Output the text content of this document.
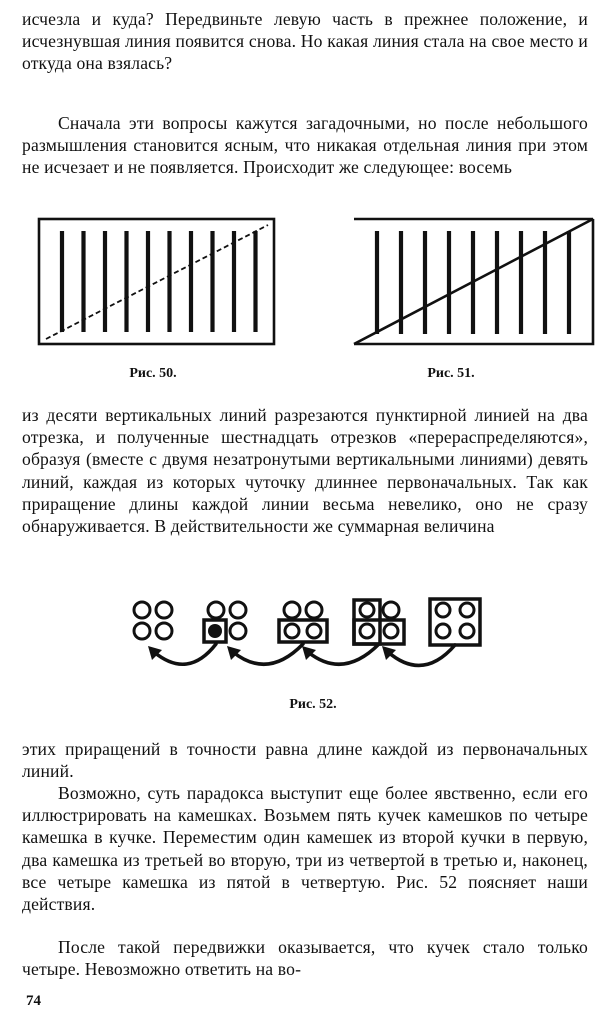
исчезла и куда? Передвиньте левую часть в прежнее положение, и исчезнувшая линия появится снова. Но какая линия стала на свое место и откуда она взялась?

Сначала эти вопросы кажутся загадочными, но после небольшого размышления становится ясным, что никакая отдельная линия при этом не исчезает и не появляется. Происходит же следующее: восемь

Рис. 50.	Рис. 51.

из десяти вертикальных линий разрезаются пунктирной линией на два отрезка, и полученные шестнадцать отрезков «перераспределяются», образуя (вместе с двумя незатронутыми вертикальными линиями) девять линий, каждая из которых чуточку длиннее первоначальных. Так как приращение длины каждой линии весьма невелико, оно не сразу обнаруживается. В действительности же суммарная величина

Рис. 52.

этих приращений в точности равна длине каждой из первоначальных линий.

Возможно, суть парадокса выступит еще более явственно, если его иллюстрировать на камешках. Возьмем пять кучек камешков по четыре камешка в кучке. Переместим один камешек из второй кучки в первую, два камешка из третьей во вторую, три из четвертой в третью и, наконец, все четыре камешка из пятой в четвертую. Рис. 52 поясняет наши действия.

После такой передвижки оказывается, что кучек стало только четыре. Невозможно ответить на во-

74
